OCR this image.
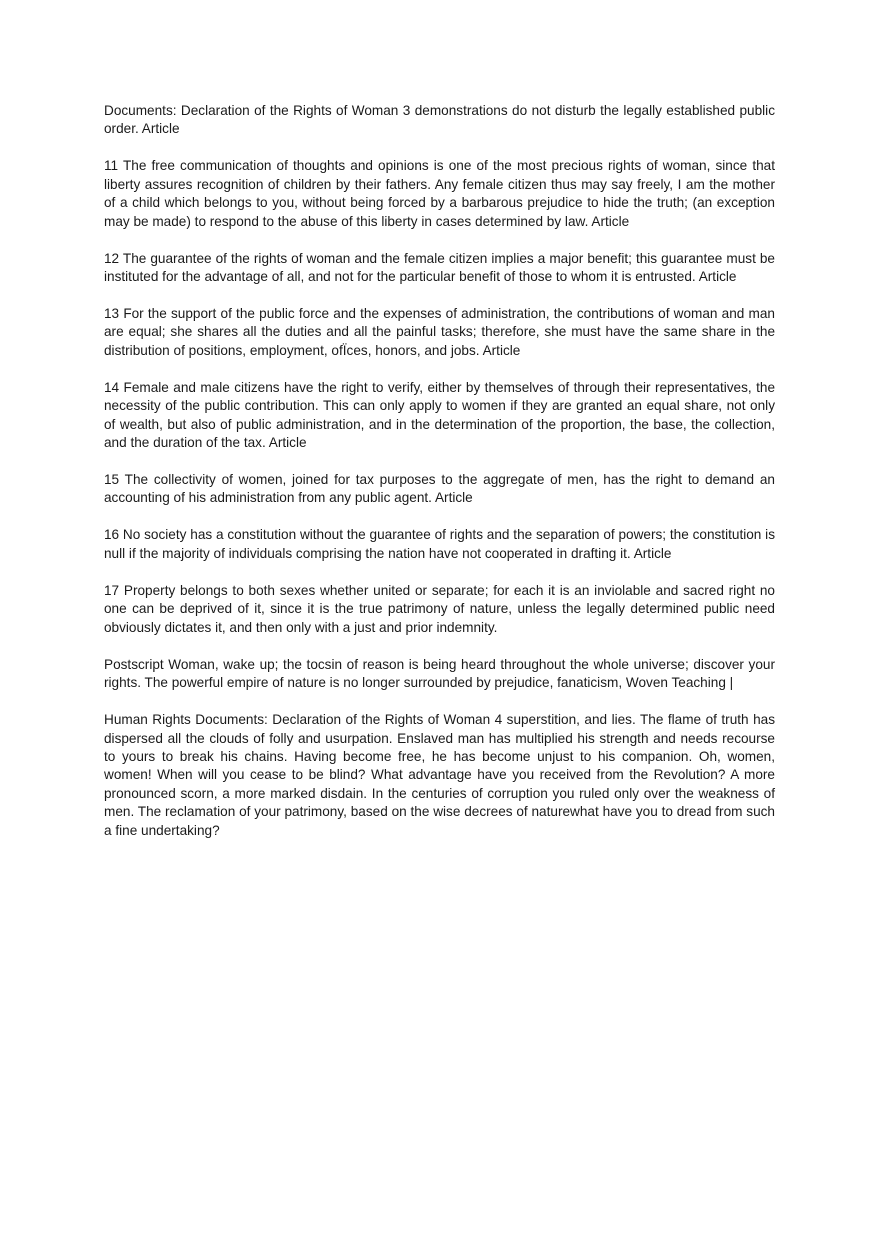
Documents: Declaration of the Rights of Woman 3 demonstrations do not disturb the legally established public order. Article

11 The free communication of thoughts and opinions is one of the most precious rights of woman, since that liberty assures recognition of children by their fathers. Any female citizen thus may say freely, I am the mother of a child which belongs to you, without being forced by a barbarous prejudice to hide the truth; (an exception may be made) to respond to the abuse of this liberty in cases determined by law. Article

12 The guarantee of the rights of woman and the female citizen implies a major benefit; this guarantee must be instituted for the advantage of all, and not for the particular benefit of those to whom it is entrusted. Article

13 For the support of the public force and the expenses of administration, the contributions of woman and man are equal; she shares all the duties and all the painful tasks; therefore, she must have the same share in the distribution of positions, employment, ofÏces, honors, and jobs. Article

14 Female and male citizens have the right to verify, either by themselves of through their representatives, the necessity of the public contribution. This can only apply to women if they are granted an equal share, not only of wealth, but also of public administration, and in the determination of the proportion, the base, the collection, and the duration of the tax. Article

15 The collectivity of women, joined for tax purposes to the aggregate of men, has the right to demand an accounting of his administration from any public agent. Article

16 No society has a constitution without the guarantee of rights and the separation of powers; the constitution is null if the majority of individuals comprising the nation have not cooperated in drafting it. Article

17 Property belongs to both sexes whether united or separate; for each it is an inviolable and sacred right no one can be deprived of it, since it is the true patrimony of nature, unless the legally determined public need obviously dictates it, and then only with a just and prior indemnity.

Postscript Woman, wake up; the tocsin of reason is being heard throughout the whole universe; discover your rights. The powerful empire of nature is no longer surrounded by prejudice, fanaticism, Woven Teaching |

Human Rights Documents: Declaration of the Rights of Woman 4 superstition, and lies. The flame of truth has dispersed all the clouds of folly and usurpation. Enslaved man has multiplied his strength and needs recourse to yours to break his chains. Having become free, he has become unjust to his companion. Oh, women, women! When will you cease to be blind? What advantage have you received from the Revolution? A more pronounced scorn, a more marked disdain. In the centuries of corruption you ruled only over the weakness of men. The reclamation of your patrimony, based on the wise decrees of naturewhat have you to dread from such a fine undertaking?
